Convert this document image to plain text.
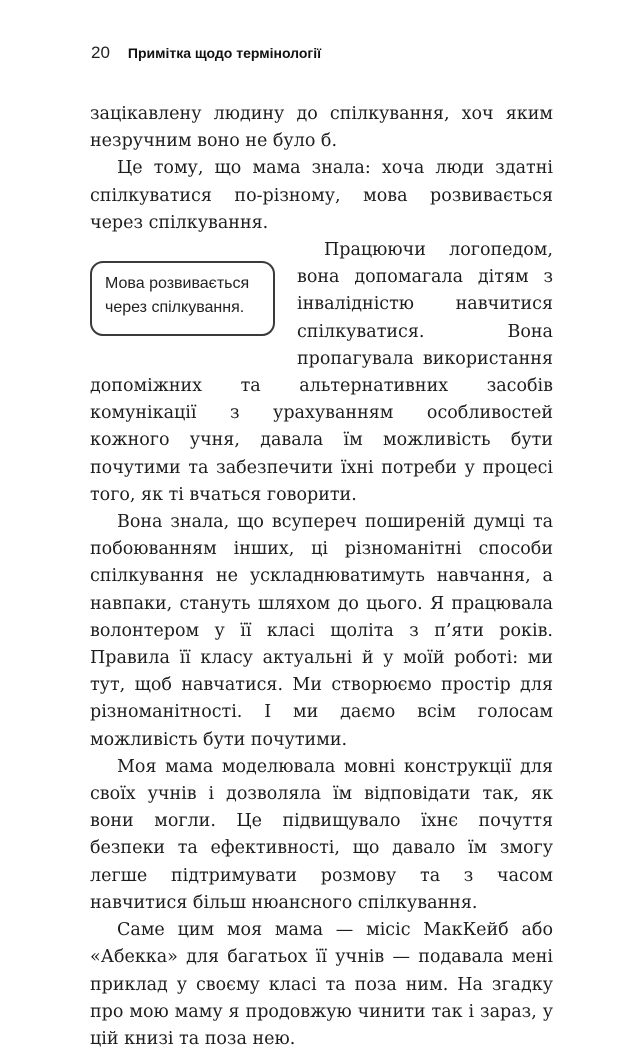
20 Примітка щодо термінології

зацікавлену людину до спілкування, хоч яким незручним воно не було б.

Це тому, що мама знала: хоча люди здатні спілкуватися по-різному, мова розвивається через спілкування.

Мова розвивається через спілкування.

Працюючи логопедом, вона допомагала дітям з інвалідністю навчитися спілкуватися. Вона пропагувала використання допоміжних та альтернативних засобів комунікації з урахуванням особливостей кожного учня, давала їм можливість бути почутими та забезпечити їхні потреби у процесі того, як ті вчаться говорити.

Вона знала, що всупереч поширеній думці та побоюванням інших, ці різноманітні способи спілкування не ускладнюватимуть навчання, а навпаки, стануть шляхом до цього. Я працювала волонтером у її класі щоліта з п’яти років. Правила її класу актуальні й у моїй роботі: ми тут, щоб навчатися. Ми створюємо простір для різноманітності. І ми даємо всім голосам можливість бути почутими.

Моя мама моделювала мовні конструкції для своїх учнів і дозволяла їм відповідати так, як вони могли. Це підвищувало їхнє почуття безпеки та ефективності, що давало їм змогу легше підтримувати розмову та з часом навчитися більш нюансного спілкування.

Саме цим моя мама — місіс МакКейб або «Абекка» для багатьох її учнів — подавала мені приклад у своєму класі та поза ним. На згадку про мою маму я продовжую чинити так і зараз, у цій книзі та поза нею.
